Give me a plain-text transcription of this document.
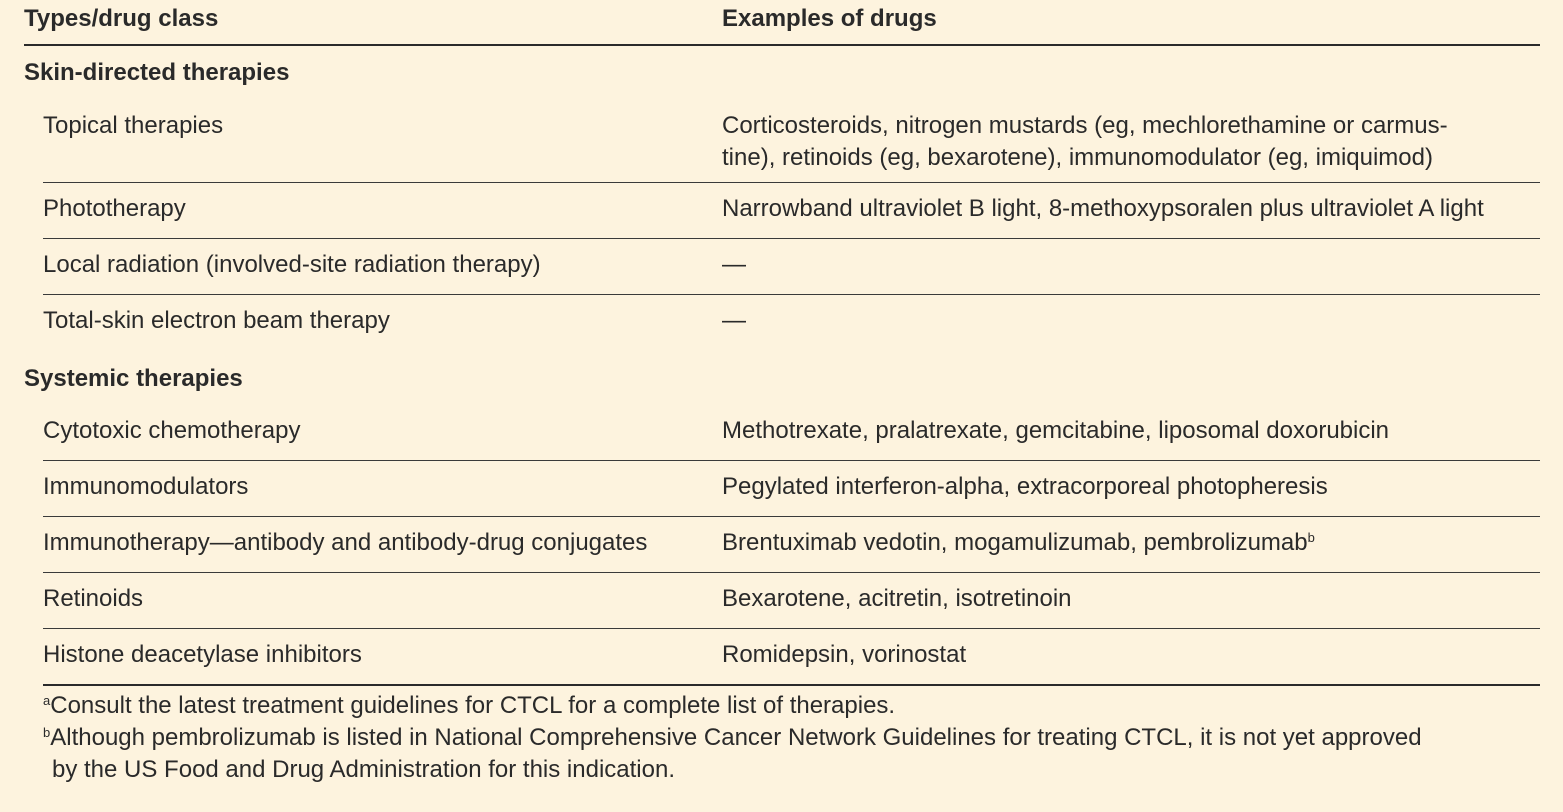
Types/drug class	Examples of drugs
Skin-directed therapies
Topical therapies	Corticosteroids, nitrogen mustards (eg, mechlorethamine or carmus-
tine), retinoids (eg, bexarotene), immunomodulator (eg, imiquimod)
Phototherapy	Narrowband ultraviolet B light, 8-methoxypsoralen plus ultraviolet A light
Local radiation (involved-site radiation therapy)	—
Total-skin electron beam therapy	—
Systemic therapies
Cytotoxic chemotherapy	Methotrexate, pralatrexate, gemcitabine, liposomal doxorubicin
Immunomodulators	Pegylated interferon-alpha, extracorporeal photopheresis
Immunotherapy—antibody and antibody-drug conjugates	Brentuximab vedotin, mogamulizumab, pembrolizumab$^b$
Retinoids	Bexarotene, acitretin, isotretinoin
Histone deacetylase inhibitors	Romidepsin, vorinostat
$^a$Consult the latest treatment guidelines for CTCL for a complete list of therapies.
$^b$Although pembrolizumab is listed in National Comprehensive Cancer Network Guidelines for treating CTCL, it is not yet approved
by the US Food and Drug Administration for this indication.
